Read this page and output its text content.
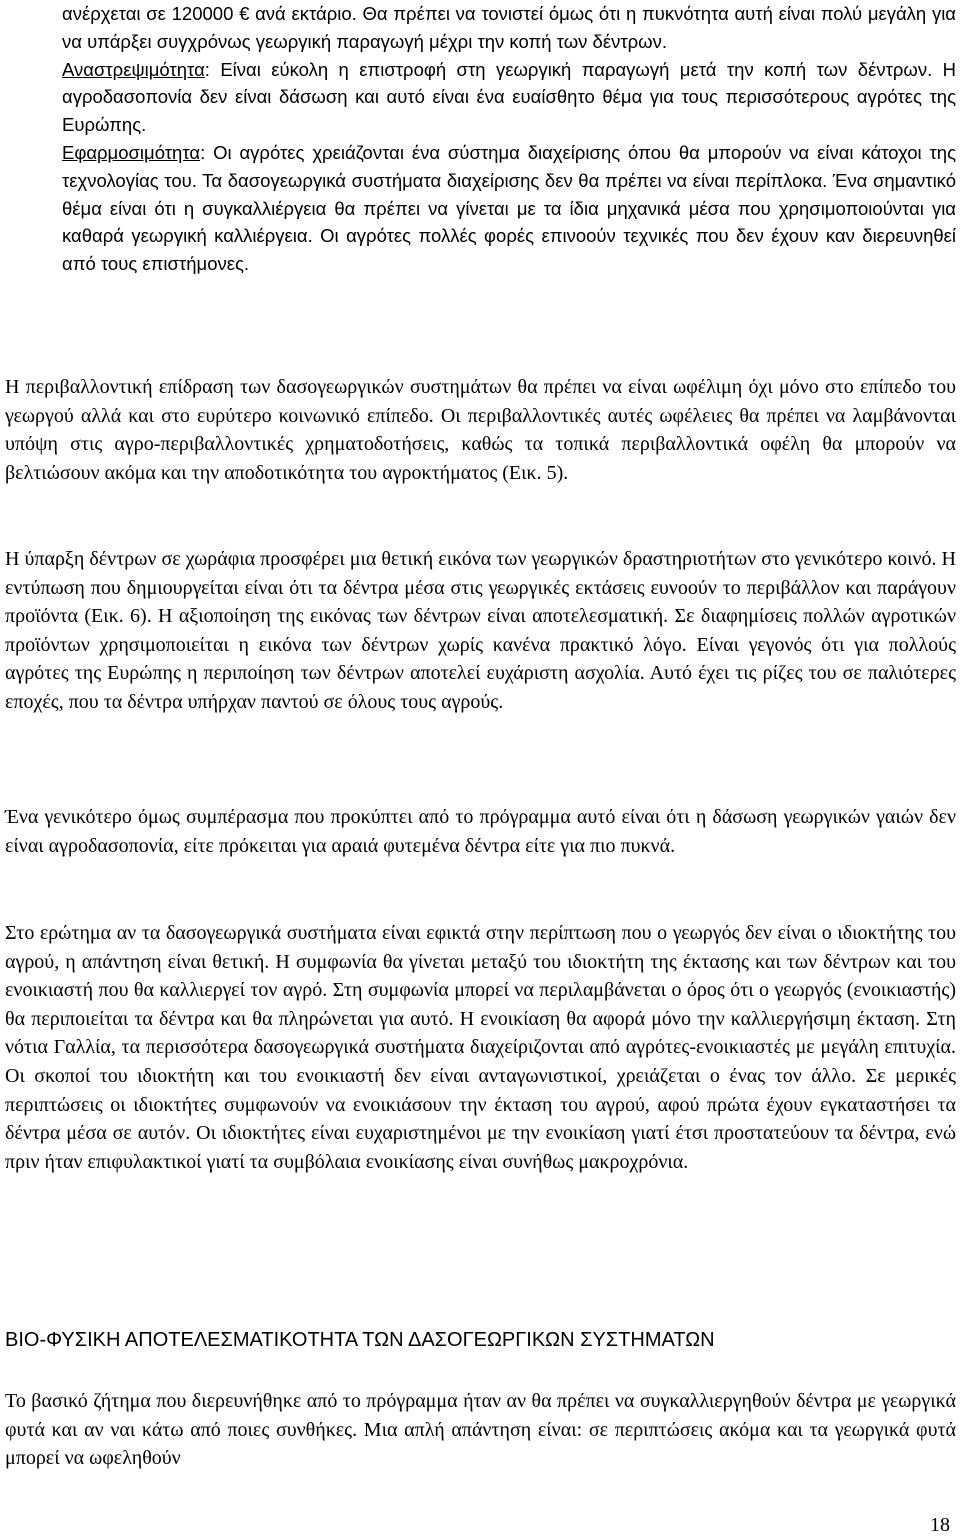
ανέρχεται σε 120000 € ανά εκτάριο. Θα πρέπει να τονιστεί όμως ότι η πυκνότητα αυτή είναι πολύ μεγάλη για να υπάρξει συγχρόνως γεωργική παραγωγή μέχρι την κοπή των δέντρων.

Αναστρεψιμότητα: Είναι εύκολη η επιστροφή στη γεωργική παραγωγή μετά την κοπή των δέντρων. Η αγροδασοπονία δεν είναι δάσωση και αυτό είναι ένα ευαίσθητο θέμα για τους περισσότερους αγρότες της Ευρώπης.

Εφαρμοσιμότητα: Οι αγρότες χρειάζονται ένα σύστημα διαχείρισης όπου θα μπορούν να είναι κάτοχοι της τεχνολογίας του. Τα δασογεωργικά συστήματα διαχείρισης δεν θα πρέπει να είναι περίπλοκα. Ένα σημαντικό θέμα είναι ότι η συγκαλλιέργεια θα πρέπει να γίνεται με τα ίδια μηχανικά μέσα που χρησιμοποιούνται για καθαρά γεωργική καλλιέργεια. Οι αγρότες πολλές φορές επινοούν τεχνικές που δεν έχουν καν διερευνηθεί από τους επιστήμονες.

Η περιβαλλοντική επίδραση των δασογεωργικών συστημάτων θα πρέπει να είναι ωφέλιμη όχι μόνο στο επίπεδο του γεωργού αλλά και στο ευρύτερο κοινωνικό επίπεδο. Οι περιβαλλοντικές αυτές ωφέλειες θα πρέπει να λαμβάνονται υπόψη στις αγρο-περιβαλλοντικές χρηματοδοτήσεις, καθώς τα τοπικά περιβαλλοντικά οφέλη θα μπορούν να βελτιώσουν ακόμα και την αποδοτικότητα του αγροκτήματος (Εικ. 5).

Η ύπαρξη δέντρων σε χωράφια προσφέρει μια θετική εικόνα των γεωργικών δραστηριοτήτων στο γενικότερο κοινό. Η εντύπωση που δημιουργείται είναι ότι τα δέντρα μέσα στις γεωργικές εκτάσεις ευνοούν το περιβάλλον και παράγουν προϊόντα (Εικ. 6). Η αξιοποίηση της εικόνας των δέντρων είναι αποτελεσματική. Σε διαφημίσεις πολλών αγροτικών προϊόντων χρησιμοποιείται η εικόνα των δέντρων χωρίς κανένα πρακτικό λόγο. Είναι γεγονός ότι για πολλούς αγρότες της Ευρώπης η περιποίηση των δέντρων αποτελεί ευχάριστη ασχολία. Αυτό έχει τις ρίζες του σε παλιότερες εποχές, που τα δέντρα υπήρχαν παντού σε όλους τους αγρούς.

Ένα γενικότερο όμως συμπέρασμα που προκύπτει από το πρόγραμμα αυτό είναι ότι η δάσωση γεωργικών γαιών δεν είναι αγροδασοπονία, είτε πρόκειται για αραιά φυτεμένα δέντρα είτε για πιο πυκνά.

Στο ερώτημα αν τα δασογεωργικά συστήματα είναι εφικτά στην περίπτωση που ο γεωργός δεν είναι ο ιδιοκτήτης του αγρού, η απάντηση είναι θετική. Η συμφωνία θα γίνεται μεταξύ του ιδιοκτήτη της έκτασης και των δέντρων και του ενοικιαστή που θα καλλιεργεί τον αγρό. Στη συμφωνία μπορεί να περιλαμβάνεται ο όρος ότι ο γεωργός (ενοικιαστής) θα περιποιείται τα δέντρα και θα πληρώνεται για αυτό. Η ενοικίαση θα αφορά μόνο την καλλιεργήσιμη έκταση. Στη νότια Γαλλία, τα περισσότερα δασογεωργικά συστήματα διαχείριζονται από αγρότες-ενοικιαστές με μεγάλη επιτυχία. Οι σκοποί του ιδιοκτήτη και του ενοικιαστή δεν είναι ανταγωνιστικοί, χρειάζεται ο ένας τον άλλο. Σε μερικές περιπτώσεις οι ιδιοκτήτες συμφωνούν να ενοικιάσουν την έκταση του αγρού, αφού πρώτα έχουν εγκαταστήσει τα δέντρα μέσα σε αυτόν. Οι ιδιοκτήτες είναι ευχαριστημένοι με την ενοικίαση γιατί έτσι προστατεύουν τα δέντρα, ενώ πριν ήταν επιφυλακτικοί γιατί τα συμβόλαια ενοικίασης είναι συνήθως μακροχρόνια.

ΒΙΟ-ΦΥΣΙΚΗ ΑΠΟΤΕΛΕΣΜΑΤΙΚΟΤΗΤΑ ΤΩΝ ΔΑΣΟΓΕΩΡΓΙΚΩΝ ΣΥΣΤΗΜΑΤΩΝ

Το βασικό ζήτημα που διερευνήθηκε από το πρόγραμμα ήταν αν θα πρέπει να συγκαλλιεργηθούν δέντρα με γεωργικά φυτά και αν ναι κάτω από ποιες συνθήκες. Μια απλή απάντηση είναι: σε περιπτώσεις ακόμα και τα γεωργικά φυτά μπορεί να ωφεληθούν

18
